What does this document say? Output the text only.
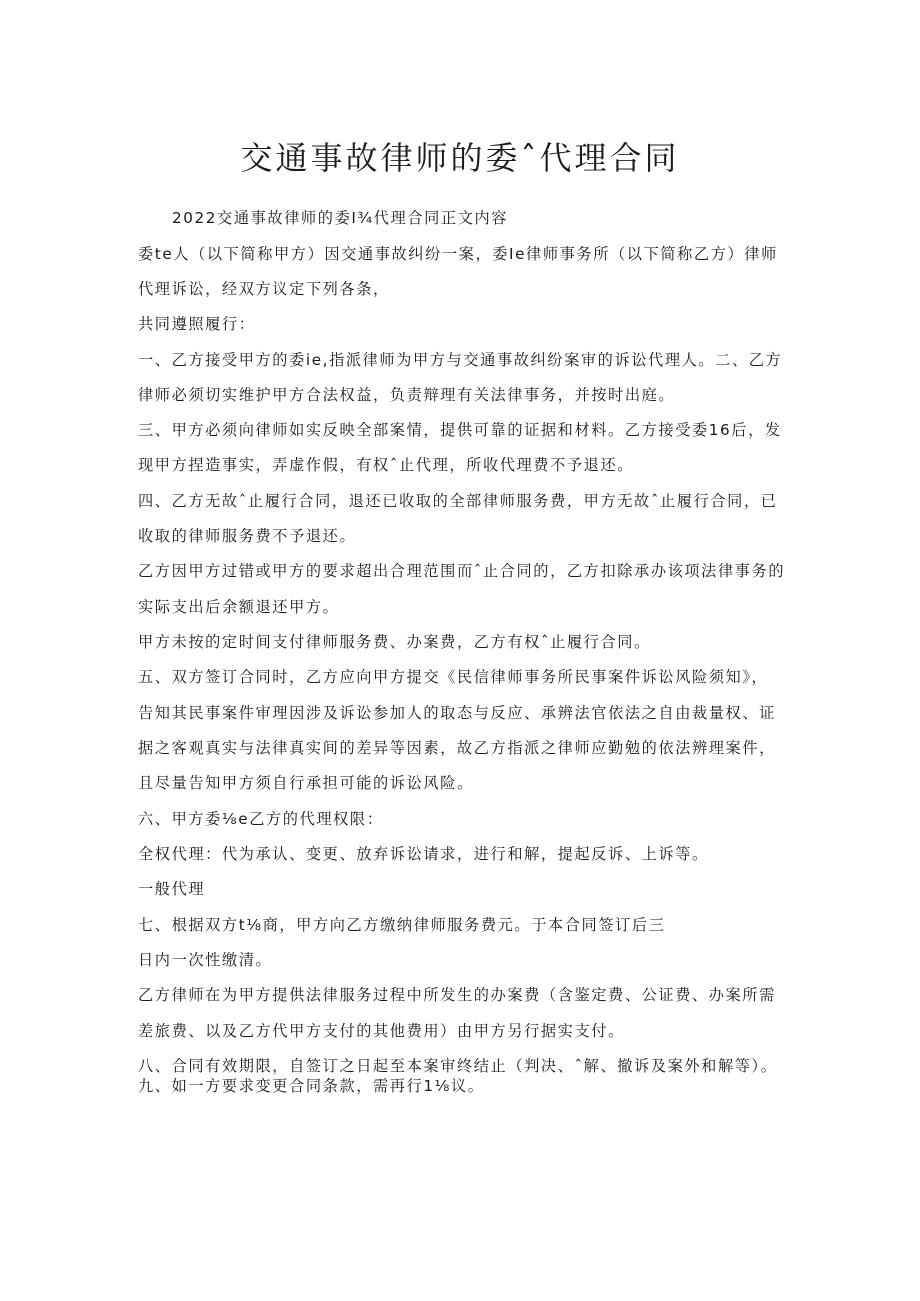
交通事故律师的委ˆ代理合同

2022交通事故律师的委I¾代理合同正文内容

委te人（以下简称甲方）因交通事故纠纷一案，委Ie律师事务所（以下简称乙方）律师

代理诉讼，经双方议定下列各条，

共同遵照履行：

一、乙方接受甲方的委ie,指派律师为甲方与交通事故纠纷案审的诉讼代理人。二、乙方

律师必须切实维护甲方合法权益，负责辩理有关法律事务，并按时出庭。

三、甲方必须向律师如实反映全部案情，提供可靠的证据和材料。乙方接受委16后，发

现甲方捏造事实，弄虚作假，有权ˆ止代理，所收代理费不予退还。

四、乙方无故ˆ止履行合同，退还已收取的全部律师服务费，甲方无故ˆ止履行合同，已

收取的律师服务费不予退还。

乙方因甲方过错或甲方的要求超出合理范围而ˆ止合同的，乙方扣除承办该项法律事务的

实际支出后余额退还甲方。

甲方未按的定时间支付律师服务费、办案费，乙方有权ˆ止履行合同。

五、双方签订合同时，乙方应向甲方提交《民信律师事务所民事案件诉讼风险须知》，

告知其民事案件审理因涉及诉讼参加人的取态与反应、承辨法官依法之自由裁量权、证

据之客观真实与法律真实间的差异等因素，故乙方指派之律师应勤勉的依法辨理案件，

且尽量告知甲方须自行承担可能的诉讼风险。

六、甲方委⅛e乙方的代理权限：

全权代理：代为承认、变更、放弃诉讼请求，进行和解，提起反诉、上诉等。

一般代理

七、根据双方t⅛商，甲方向乙方缴纳律师服务费元。于本合同签订后三

日内一次性缴清。

乙方律师在为甲方提供法律服务过程中所发生的办案费（含鉴定费、公证费、办案所需

差旅费、以及乙方代甲方支付的其他费用）由甲方另行据实支付。

八、合同有效期限，自签订之日起至本案审终结止（判决、ˆ解、撤诉及案外和解等）。

九、如一方要求变更合同条款，需再行1⅛议。
